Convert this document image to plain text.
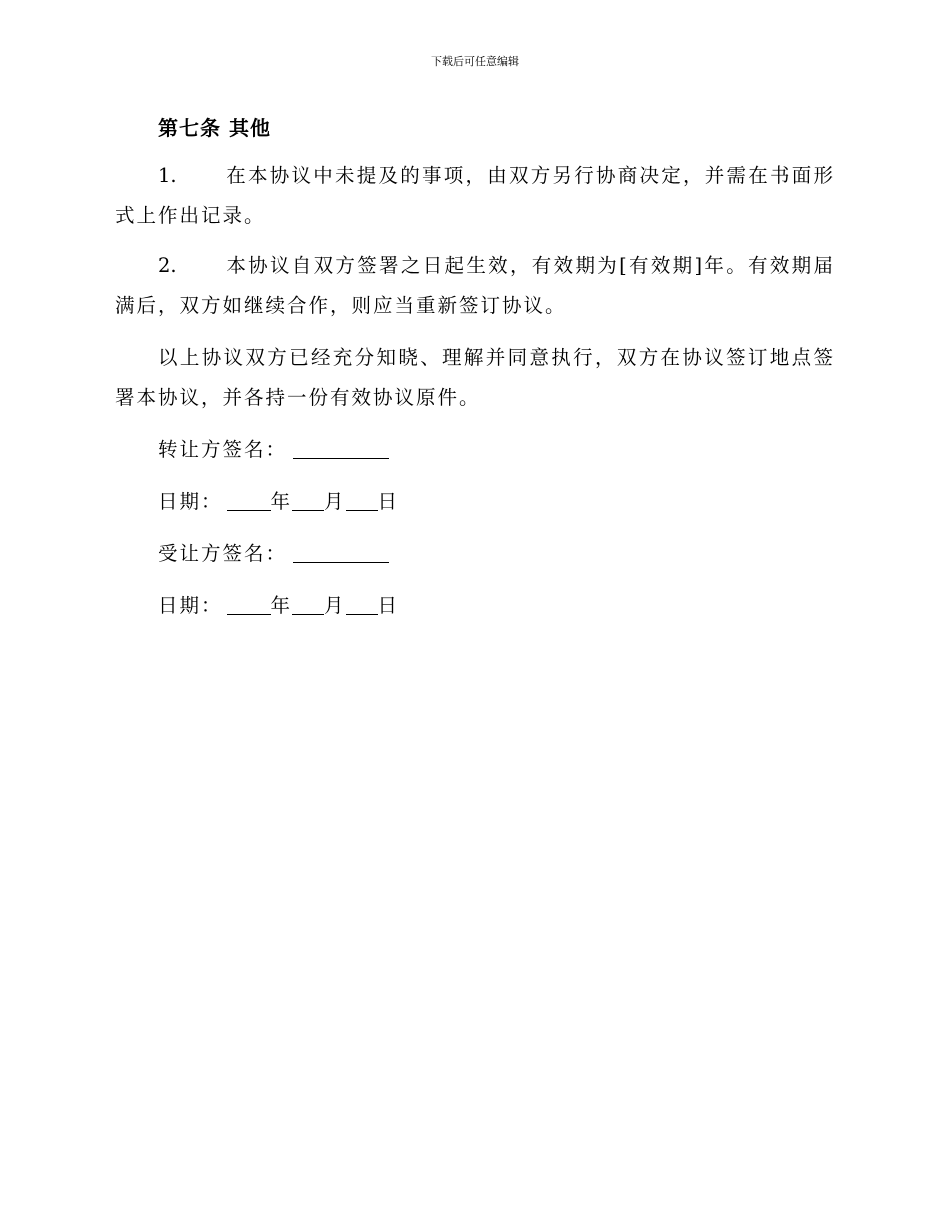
下载后可任意编辑
第七条 其他

1.	在本协议中未提及的事项，由双方另行协商决定，并需在书面形式上作出记录。

2.	本协议自双方签署之日起生效，有效期为[有效期]年。有效期届满后，双方如继续合作，则应当重新签订协议。

以上协议双方已经充分知晓、理解并同意执行，双方在协议签订地点签署本协议，并各持一份有效协议原件。

转让方签名：

日期： 年 月 日

受让方签名：

日期： 年 月 日
